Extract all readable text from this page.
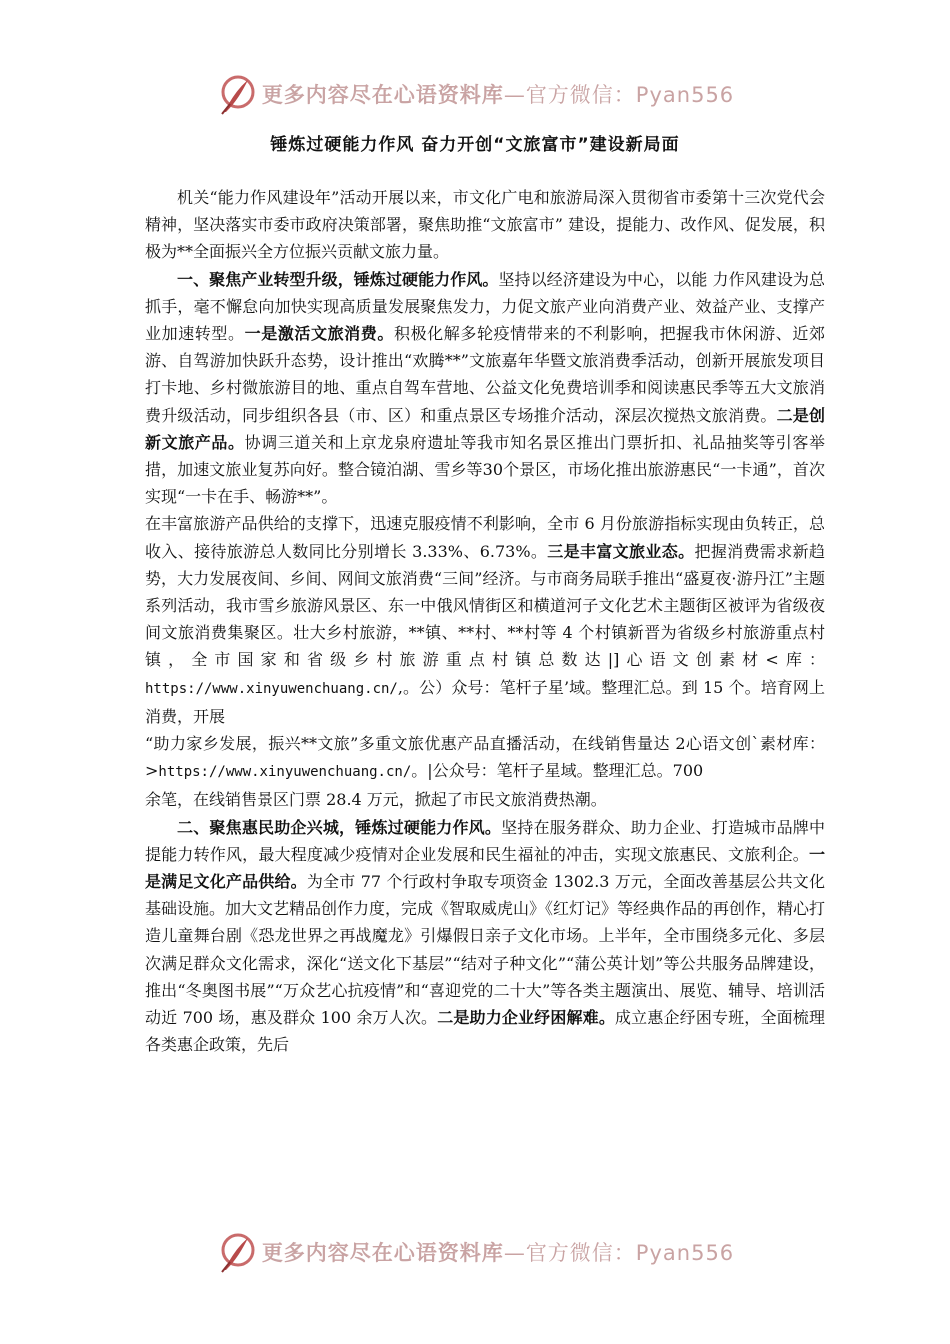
更多内容尽在心语资料库—官方微信：Pyan556
锤炼过硬能力作风 奋力开创“文旅富市”建设新局面

机关“能力作风建设年”活动开展以来，市文化广电和旅游局深入贯彻省市委第十三次党代会精神，坚决落实市委市政府决策部署，聚焦助推“文旅富市” 建设，提能力、改作风、促发展，积极为**全面振兴全方位振兴贡献文旅力量。

一、聚焦产业转型升级，锤炼过硬能力作风。坚持以经济建设为中心，以能 力作风建设为总抓手，毫不懈怠向加快实现高质量发展聚焦发力，力促文旅产业向消费产业、效益产业、支撑产业加速转型。一是激活文旅消费。积极化解多轮疫情带来的不利影响，把握我市休闲游、近郊游、自驾游加快跃升态势，设计推出“欢腾**”文旅嘉年华暨文旅消费季活动，创新开展旅发项目打卡地、乡村微旅游目的地、重点自驾车营地、公益文化免费培训季和阅读惠民季等五大文旅消费升级活动，同步组织各县（市、区）和重点景区专场推介活动，深层次搅热文旅消费。二是创新文旅产品。协调三道关和上京龙泉府遗址等我市知名景区推出门票折扣、礼品抽奖等引客举措，加速文旅业复苏向好。整合镜泊湖、雪乡等30个景区，市场化推出旅游惠民“一卡通”，首次实现“一卡在手、畅游**”。

在丰富旅游产品供给的支撑下，迅速克服疫情不利影响，全市 6 月份旅游指标实现由负转正，总收入、接待旅游总人数同比分别增长 3.33%、6.73%。三是丰富文旅业态。把握消费需求新趋势，大力发展夜间、乡间、网间文旅消费“三间”经济。与市商务局联手推出“盛夏夜·游丹江”主题系列活动，我市雪乡旅游风景区、东一中俄风情街区和横道河子文化艺术主题街区被评为省级夜间文旅消费集聚区。壮大乡村旅游，**镇、**村、**村等 4 个村镇新晋为省级乡村旅游重点村镇，全市国家和省级乡村旅游重点村镇总数达|]心语文创素材<库：https://www.xinyuwenchuang.cn/,。公）众号：笔杆子星’域。整理汇总。到 15 个。培育网上消费，开展

“助力家乡发展，振兴**文旅”多重文旅优惠产品直播活动，在线销售量达 2心语文创`素材库：>https://www.xinyuwenchuang.cn/。|公众号：笔杆子星域。整理汇总。700

余笔，在线销售景区门票 28.4 万元，掀起了市民文旅消费热潮。

二、聚焦惠民助企兴城，锤炼过硬能力作风。坚持在服务群众、助力企业、打造城市品牌中提能力转作风，最大程度减少疫情对企业发展和民生福祉的冲击，实现文旅惠民、文旅利企。一是满足文化产品供给。为全市 77 个行政村争取专项资金 1302.3 万元，全面改善基层公共文化基础设施。加大文艺精品创作力度，完成《智取威虎山》《红灯记》等经典作品的再创作，精心打造儿童舞台剧《恐龙世界之再战魔龙》引爆假日亲子文化市场。上半年，全市围绕多元化、多层次满足群众文化需求，深化“送文化下基层”“结对子种文化”“蒲公英计划”等公共服务品牌建设，推出“冬奥图书展”“万众艺心抗疫情”和“喜迎党的二十大”等各类主题演出、展览、辅导、培训活动近 700 场，惠及群众 100 余万人次。二是助力企业纾困解难。成立惠企纾困专班，全面梳理各类惠企政策，先后

更多内容尽在心语资料库—官方微信：Pyan556
